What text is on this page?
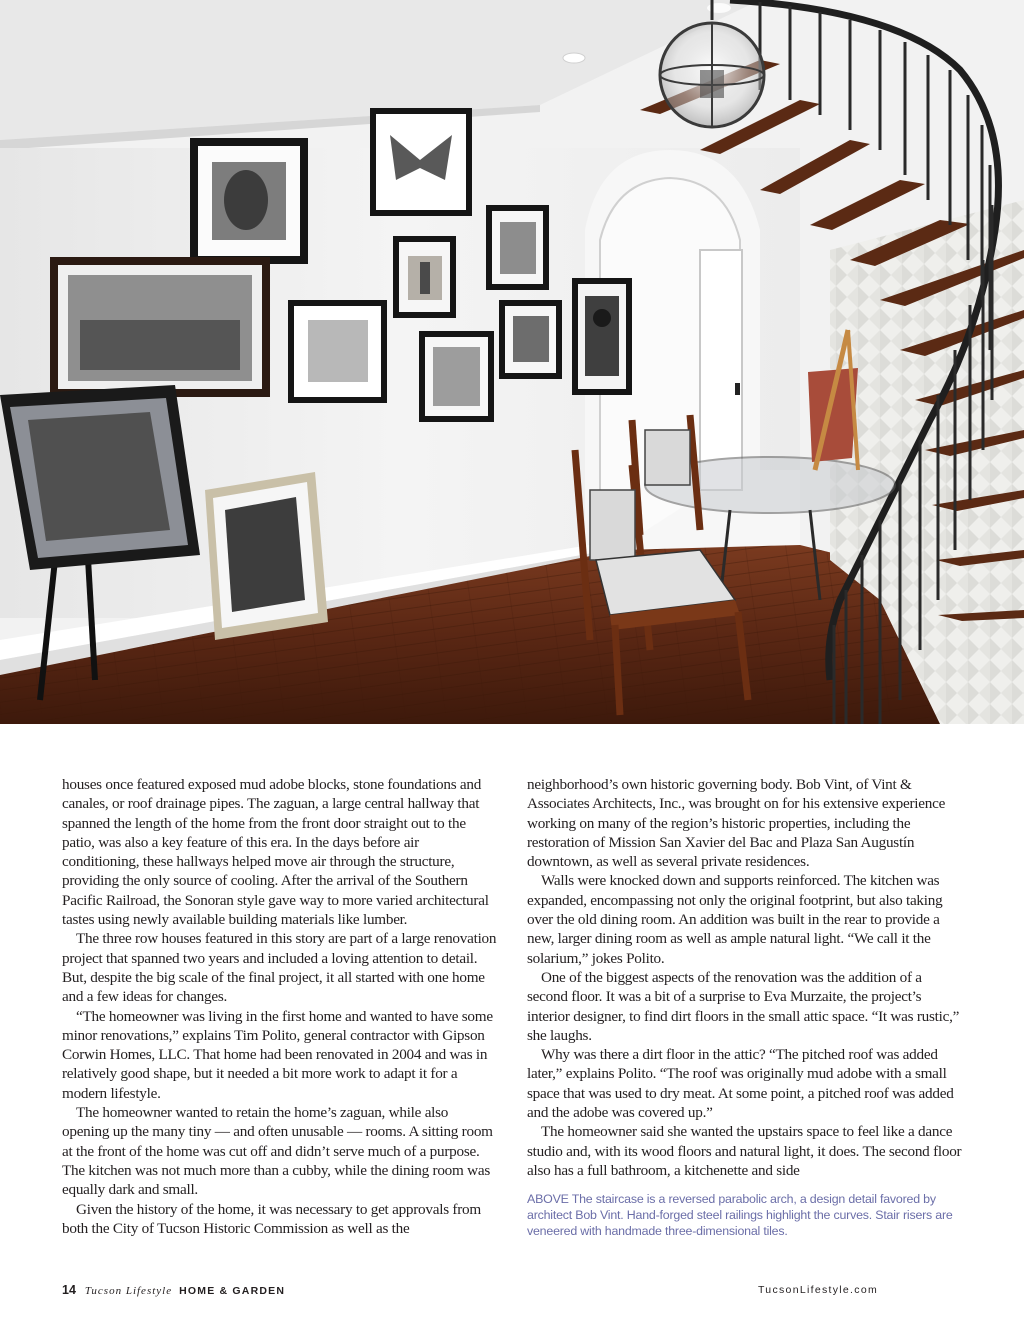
houses once featured exposed mud adobe blocks, stone foundations and canales, or roof drainage pipes. The zaguan, a large central hallway that spanned the length of the home from the front door straight out to the patio, was also a key feature of this era. In the days before air conditioning, these hallways helped move air through the structure, providing the only source of cooling. After the arrival of the Southern Pacific Railroad, the Sonoran style gave way to more varied architectural tastes using newly available building materials like lumber.

The three row houses featured in this story are part of a large renovation project that spanned two years and included a loving attention to detail. But, despite the big scale of the final project, it all started with one home and a few ideas for changes.

“The homeowner was living in the first home and wanted to have some minor renovations,” explains Tim Polito, general contractor with Gipson Corwin Homes, LLC. That home had been renovated in 2004 and was in relatively good shape, but it needed a bit more work to adapt it for a modern lifestyle.

The homeowner wanted to retain the home’s zaguan, while also opening up the many tiny — and often unusable — rooms. A sitting room at the front of the home was cut off and didn’t serve much of a purpose. The kitchen was not much more than a cubby, while the dining room was equally dark and small.

Given the history of the home, it was necessary to get approvals from both the City of Tucson Historic Commission as well as the

neighborhood’s own historic governing body. Bob Vint, of Vint & Associates Architects, Inc., was brought on for his extensive experience working on many of the region’s historic properties, including the restoration of Mission San Xavier del Bac and Plaza San Augustín downtown, as well as several private residences.

Walls were knocked down and supports reinforced. The kitchen was expanded, encompassing not only the original footprint, but also taking over the old dining room. An addition was built in the rear to provide a new, larger dining room as well as ample natural light. “We call it the solarium,” jokes Polito.

One of the biggest aspects of the renovation was the addition of a second floor. It was a bit of a surprise to Eva Murzaite, the project’s interior designer, to find dirt floors in the small attic space. “It was rustic,” she laughs.

Why was there a dirt floor in the attic? “The pitched roof was added later,” explains Polito. “The roof was originally mud adobe with a small space that was used to dry meat. At some point, a pitched roof was added and the adobe was covered up.”

The homeowner said she wanted the upstairs space to feel like a dance studio and, with its wood floors and natural light, it does. The second floor also has a full bathroom, a kitchenette and side

ABOVE The staircase is a reversed parabolic arch, a design detail favored by architect Bob Vint. Hand-forged steel railings highlight the curves. Stair risers are veneered with handmade three-dimensional tiles.
14 Tucson Lifestyle HOME & GARDEN	TucsonLifestyle.com
